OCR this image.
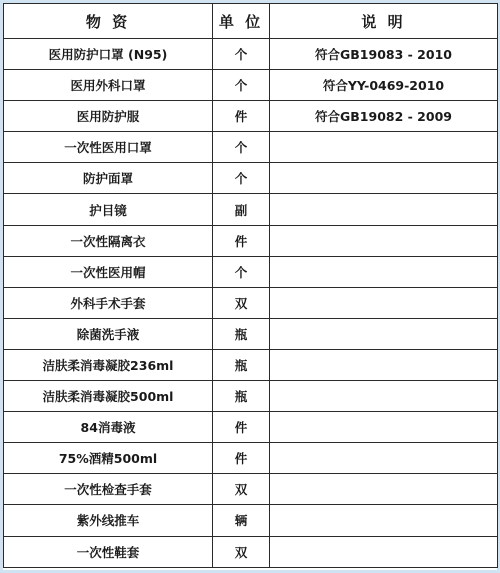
物 资	单 位	说 明
医用防护口罩 (N95)	个	符合GB19083 - 2010
医用外科口罩	个	符合YY-0469-2010
医用防护服	件	符合GB19082 - 2009
一次性医用口罩	个	
防护面罩	个	
护目镜	副	
一次性隔离衣	件	
一次性医用帽	个	
外科手术手套	双	
除菌洗手液	瓶	
洁肤柔消毒凝胶236ml	瓶	
洁肤柔消毒凝胶500ml	瓶	
84消毒液	件	
75%酒精500ml	件	
一次性检查手套	双	
紫外线推车	辆	
一次性鞋套	双	
